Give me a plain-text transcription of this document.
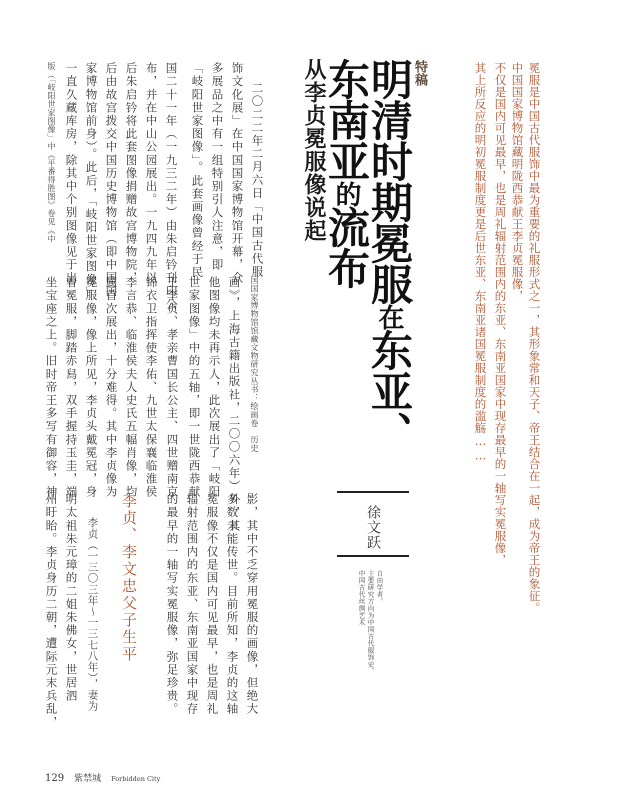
冕服是中国古代服饰中最为重要的礼服形式之一，其形象常和天子、帝王结合在一起，成为帝王的象征。
中国国家博物馆藏明陇西恭献王李贞冕服像，
不仅是国内可见最早，也是周礼辐射范围内的东亚、东南亚国家中现存最早的一轴写实冕服像，
其上所反应的明初冕服制度更是后世东亚、东南亚诸国冕服制度的滥觞……
特稿
明清时期冕服在东亚、
东南亚的流布
从李贞冕服像说起
二〇二二年二月六日「中国古代服
饰文化展」在中国国家博物馆开幕，众
多展品之中有一组特别引人注意，即
「岐阳世家图像」。此套画像曾经于民
国二十一年（一九三二年）由朱启钤刊印公
布，并在中山公园展出。一九四九年以
后朱启钤将此套图像捐赠故宫博物院，
后由故宫拨交中国历史博物馆（即中国国
家博物馆前身）。此后，「岐阳世家图像」
一直久藏库房，除其中个别图像见于出
版（「岐阳世家图像」中《平番得胜图》卷见《中
国国家博物馆馆藏文物研究丛书：绘画卷　历史
画》，上海古籍出版社，二〇〇六年）外，其
他图像均未再示人，此次展出了「岐阳
世家图像」中的五轴，即一世陇西恭献
王李贞、孝亲曹国长公主、四世赠南京
锦衣卫指挥使李佑、九世太保襄临淮侯
李言恭、临淮侯夫人史氏五幅肖像，均
属首次展出，十分难得。其中李贞像为
冕服像，像上所见，李贞头戴冕冠，身
着冕服，脚踏赤舄，双手握持玉圭，端
坐宝座之上。旧时帝王多写有御容，神
影，其中不乏穿用冕服的画像，但绝大
多数未能传世。目前所知，李贞的这轴
冕服像不仅是国内可见最早，也是周礼
辐射范围内的东亚、东南亚国家中现存
的最早的一轴写实冕服像，弥足珍贵。
李贞、李文忠父子生平
李贞（一三〇三年～一三七八年），妻为
明太祖朱元璋的二姐朱佛女，世居泗
州盱眙。李贞身历二朝，遭际元末兵乱，	徐文跃
自由学者。
主要研究方向为中国古代服饰史、
中国古代丝绸艺术
129 紫禁城 Forbidden City
